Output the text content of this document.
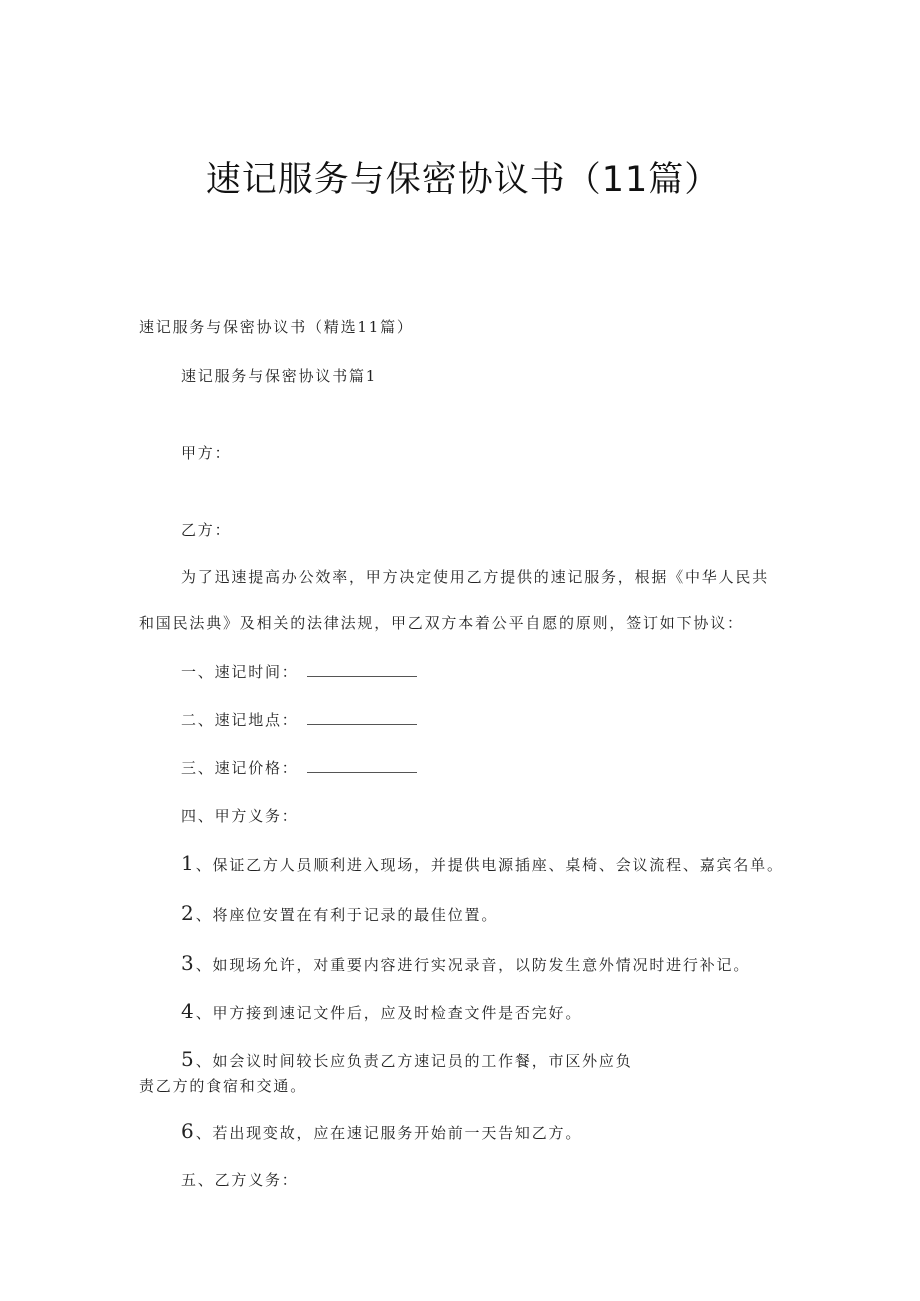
速记服务与保密协议书（11篇）

速记服务与保密协议书（精选11篇）

速记服务与保密协议书篇1

甲方：

乙方：

为了迅速提高办公效率，甲方决定使用乙方提供的速记服务，根据《中华人民共

和国民法典》及相关的法律法规，甲乙双方本着公平自愿的原则，签订如下协议：

一、速记时间：

二、速记地点：

三、速记价格：

四、甲方义务：

1 、保证乙方人员顺利进入现场，并提供电源插座、桌椅、会议流程、嘉宾名单。

2 、将座位安置在有利于记录的最佳位置。

3 、如现场允许，对重要内容进行实况录音，以防发生意外情况时进行补记。

4 、甲方接到速记文件后，应及时检查文件是否完好。

5 、如会议时间较长应负责乙方速记员的工作餐，市区外应负

责乙方的食宿和交通。

6 、若出现变故，应在速记服务开始前一天告知乙方。

五、乙方义务：
